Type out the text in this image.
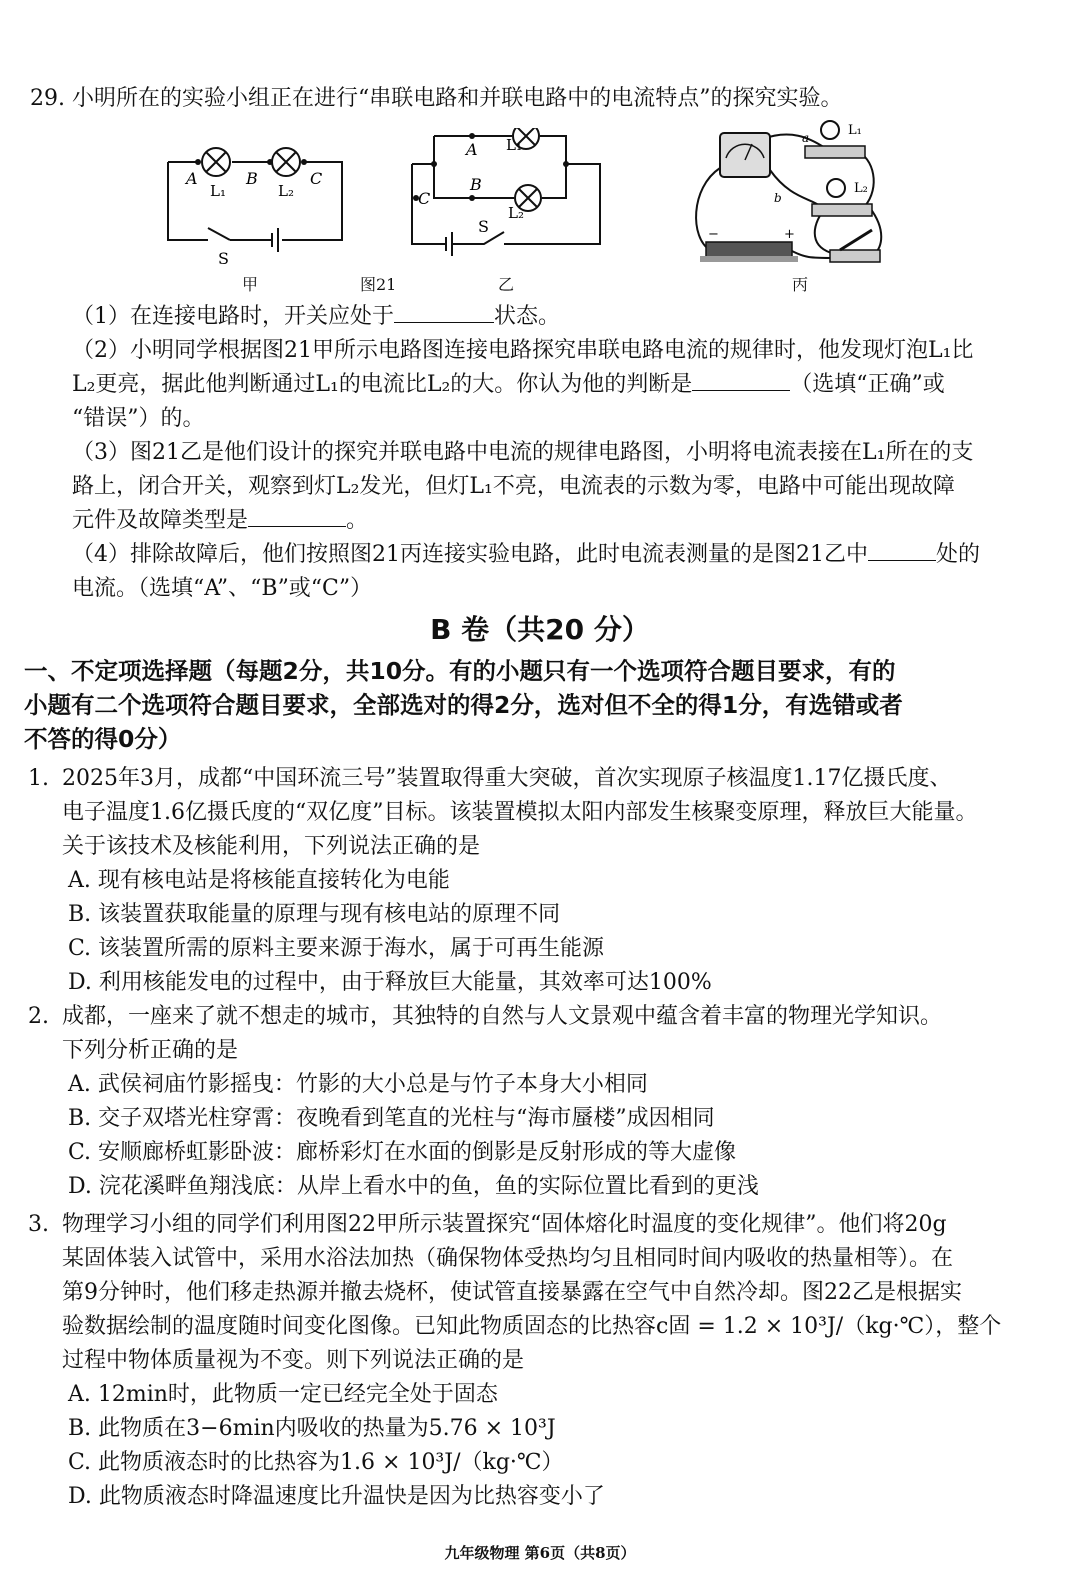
29. 小明所在的实验小组正在进行“串联电路和并联电路中的电流特点”的探究实验。
A	B	C
L₁	L₂
S
甲	图21
A
B
C
L₁
L₂
S
乙
L₁
L₂
a
b
−	+
丙
（1）在连接电路时，开关应处于	状态。
（2）小明同学根据图21甲所示电路图连接电路探究串联电路电流的规律时，他发现灯泡L₁比
L₂更亮，据此他判断通过L₁的电流比L₂的大。你认为他的判断是	（选填“正确”或
“错误”）的。
（3）图21乙是他们设计的探究并联电路中电流的规律电路图，小明将电流表接在L₁所在的支
路上，闭合开关，观察到灯L₂发光，但灯L₁不亮，电流表的示数为零，电路中可能出现故障
元件及故障类型是	。
（4）排除故障后，他们按照图21丙连接实验电路，此时电流表测量的是图21乙中	处的
电流。（选填“A”、“B”或“C”）
B 卷（共20 分）
一、不定项选择题（每题2分，共10分。有的小题只有一个选项符合题目要求，有的
小题有二个选项符合题目要求，全部选对的得2分，选对但不全的得1分，有选错或者
不答的得0分）
1. 2025年3月，成都“中国环流三号”装置取得重大突破，首次实现原子核温度1.17亿摄氏度、
电子温度1.6亿摄氏度的“双亿度”目标。该装置模拟太阳内部发生核聚变原理，释放巨大能量。
关于该技术及核能利用，下列说法正确的是
A. 现有核电站是将核能直接转化为电能
B. 该装置获取能量的原理与现有核电站的原理不同
C. 该装置所需的原料主要来源于海水，属于可再生能源
D. 利用核能发电的过程中，由于释放巨大能量，其效率可达100%
2. 成都，一座来了就不想走的城市，其独特的自然与人文景观中蕴含着丰富的物理光学知识。
下列分析正确的是
A. 武侯祠庙竹影摇曳：竹影的大小总是与竹子本身大小相同
B. 交子双塔光柱穿霄：夜晚看到笔直的光柱与“海市蜃楼”成因相同
C. 安顺廊桥虹影卧波：廊桥彩灯在水面的倒影是反射形成的等大虚像
D. 浣花溪畔鱼翔浅底：从岸上看水中的鱼，鱼的实际位置比看到的更浅
3. 物理学习小组的同学们利用图22甲所示装置探究“固体熔化时温度的变化规律”。他们将20g
某固体装入试管中，采用水浴法加热（确保物体受热均匀且相同时间内吸收的热量相等）。在
第9分钟时，他们移走热源并撤去烧杯，使试管直接暴露在空气中自然冷却。图22乙是根据实
验数据绘制的温度随时间变化图像。已知此物质固态的比热容c固 = 1.2 × 10³J/（kg·℃），整个
过程中物体质量视为不变。则下列说法正确的是
A. 12min时，此物质一定已经完全处于固态
B. 此物质在3−6min内吸收的热量为5.76 × 10³J
C. 此物质液态时的比热容为1.6 × 10³J/（kg·℃）
D. 此物质液态时降温速度比升温快是因为比热容变小了
九年级物理 第6页（共8页）
